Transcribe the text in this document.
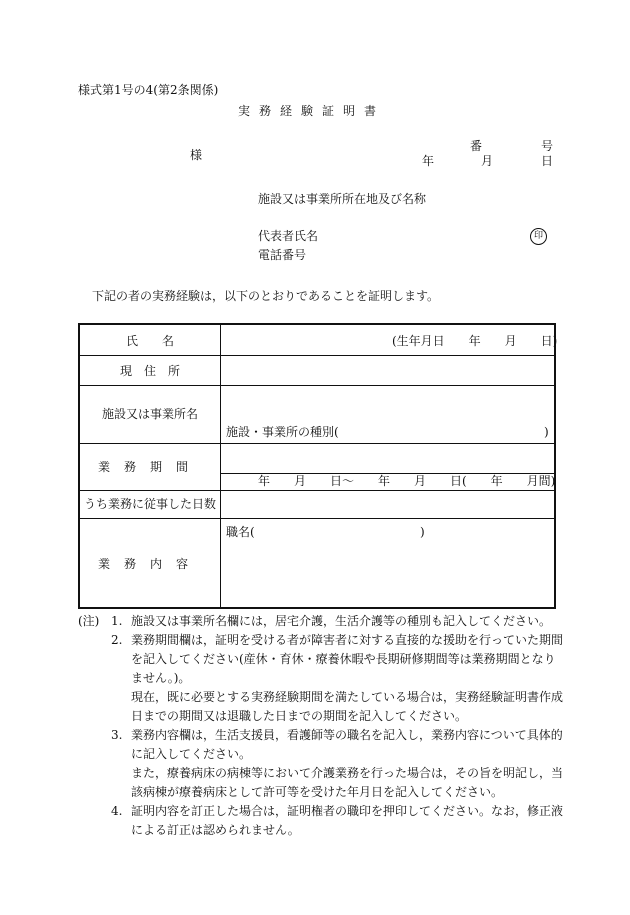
様式第1号の4(第2条関係)
実務経験証明書
様
番	号
年	月	日
施設又は事業所所在地及び名称
代表者氏名	印
電話番号
下記の者の実務経験は，以下のとおりであることを証明します。
氏　　名	(生年月日　　年　　月　　日)
現　住　所
施設又は事業所名
施設・事業所の種別(	)
業務期間
年　　月　　日～　　年　　月　　日(　　年　　月間)
うち業務に従事した日数
業務内容
職名(	)
(注) 1. 施設又は事業所名欄には，居宅介護，生活介護等の種別も記入してください。
2. 業務期間欄は，証明を受ける者が障害者に対する直接的な援助を行っていた期間
を記入してください(産休・育休・療養休暇や長期研修期間等は業務期間となり
ません。)。
現在，既に必要とする実務経験期間を満たしている場合は，実務経験証明書作成
日までの期間又は退職した日までの期間を記入してください。
3. 業務内容欄は，生活支援員，看護師等の職名を記入し，業務内容について具体的
に記入してください。
また，療養病床の病棟等において介護業務を行った場合は，その旨を明記し，当
該病棟が療養病床として許可等を受けた年月日を記入してください。
4. 証明内容を訂正した場合は，証明権者の職印を押印してください。なお，修正液
による訂正は認められません。
